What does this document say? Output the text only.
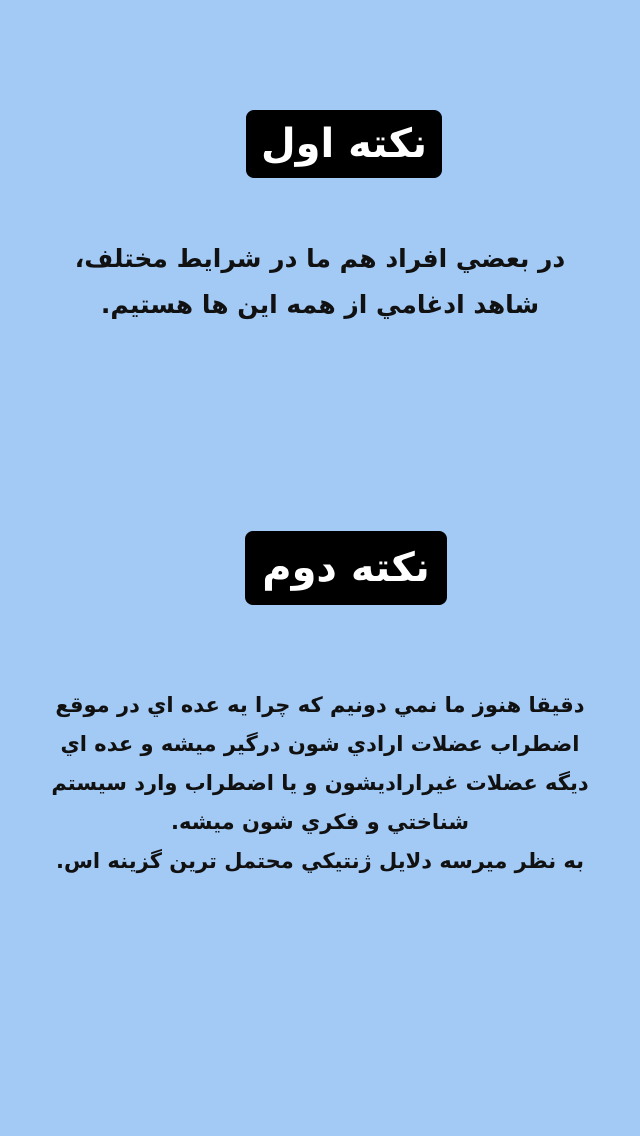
نکته اول
در بعضي افراد هم ما در شرايط مختلف،
شاهد ادغامي از همه اين ها هستيم.
نکته دوم
دقيقا هنوز ما نمي دونيم كه چرا يه عده اي در موقع
اضطراب عضلات ارادي شون درگير ميشه و عده اي
ديگه عضلات غيرارادیشون و يا اضطراب وارد سيستم
شناختي و فكري شون ميشه.
به نظر ميرسه دلايل ژنتيكي محتمل ترين گزينه اس.
